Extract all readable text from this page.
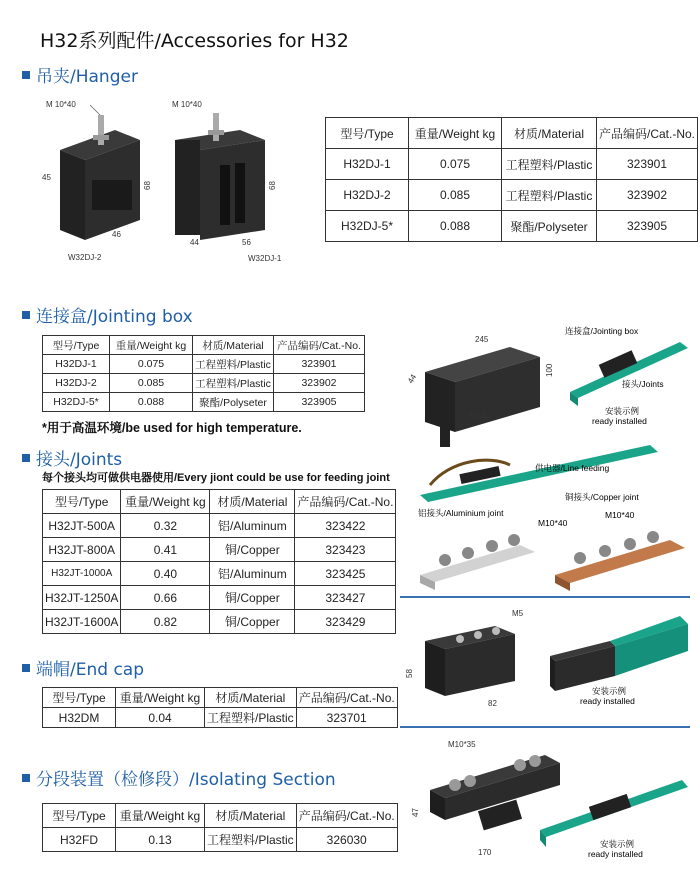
H32系列配件/Accessories for H32
吊夹/Hanger
M 10*40
45
68
46
W32DJ-2
M 10*40
68
44	56
W32DJ-1
型号/Type	重量/Weight kg	材质/Material	产品编码/Cat.-No.
H32DJ-1	0.075	工程塑料/Plastic	323901
H32DJ-2	0.085	工程塑料/Plastic	323902
H32DJ-5*	0.088	聚酯/Polyseter	323905
连接盒/Jointing box
型号/Type	重量/Weight kg	材质/Material	产品编码/Cat.-No.
H32DJ-1	0.075	工程塑料/Plastic	323901
H32DJ-2	0.085	工程塑料/Plastic	323902
H32DJ-5*	0.088	聚酯/Polyseter	323905
*用于高温环境/be used for high temperature.
245
44
100
H32LJ-1
连接盒/Jointing box
接头/Joints
安装示例
ready installed
接头/Joints
每个接头均可做供电器使用/Every jiont could be use for feeding joint
型号/Type	重量/Weight kg	材质/Material	产品编码/Cat.-No.
H32JT-500A	0.32	铝/Aluminum	323422
H32JT-800A	0.41	铜/Copper	323423
H32JT-1000A	0.40	铝/Aluminum	323425
H32JT-1250A	0.66	铜/Copper	323427
H32JT-1600A	0.82	铜/Copper	323429
供电器/Line feeding
铝接头/Aluminium joint
铜接头/Copper joint
M10*40
M10*40
端帽/End cap
型号/Type	重量/Weight kg	材质/Material	产品编码/Cat.-No.
H32DM	0.04	工程塑料/Plastic	323701
M5
58
82
安装示例
ready installed
分段装置（检修段）/Isolating Section
型号/Type	重量/Weight kg	材质/Material	产品编码/Cat.-No.
H32FD	0.13	工程塑料/Plastic	326030
M10*35
47
170
安装示例
ready installed
